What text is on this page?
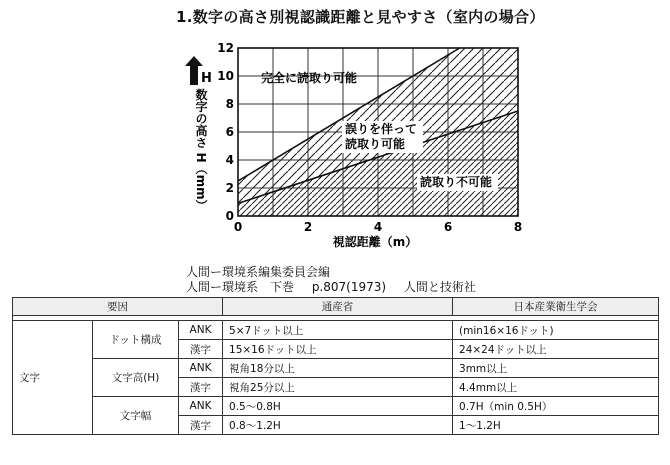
1.数字の高さ別視認識距離と見やすさ（室内の場合）
0	2	4	6	8
0
2
4
6
8
10
12
視認距離（m）
数字の高さ H（mm）
H	完全に読取り可能
誤りを伴って
読取り可能
読取り不可能
人間ー環境系編集委員会編
人間ー環境系　下巻 p.807(1973) 人間と技術社
要因			通産省	日本産業衛生学会

文字	ドット構成	ANK	5×7ドット以上	(min16×16ドット)
		漢字	15×16ドット以上	24×24ドット以上
	文字高(H)	ANK	視角18分以上	3mm以上
		漢字	視角25分以上	4.4mm以上
	文字幅	ANK	0.5～0.8H	0.7H（min 0.5H）
		漢字	0.8～1.2H	1～1.2H
